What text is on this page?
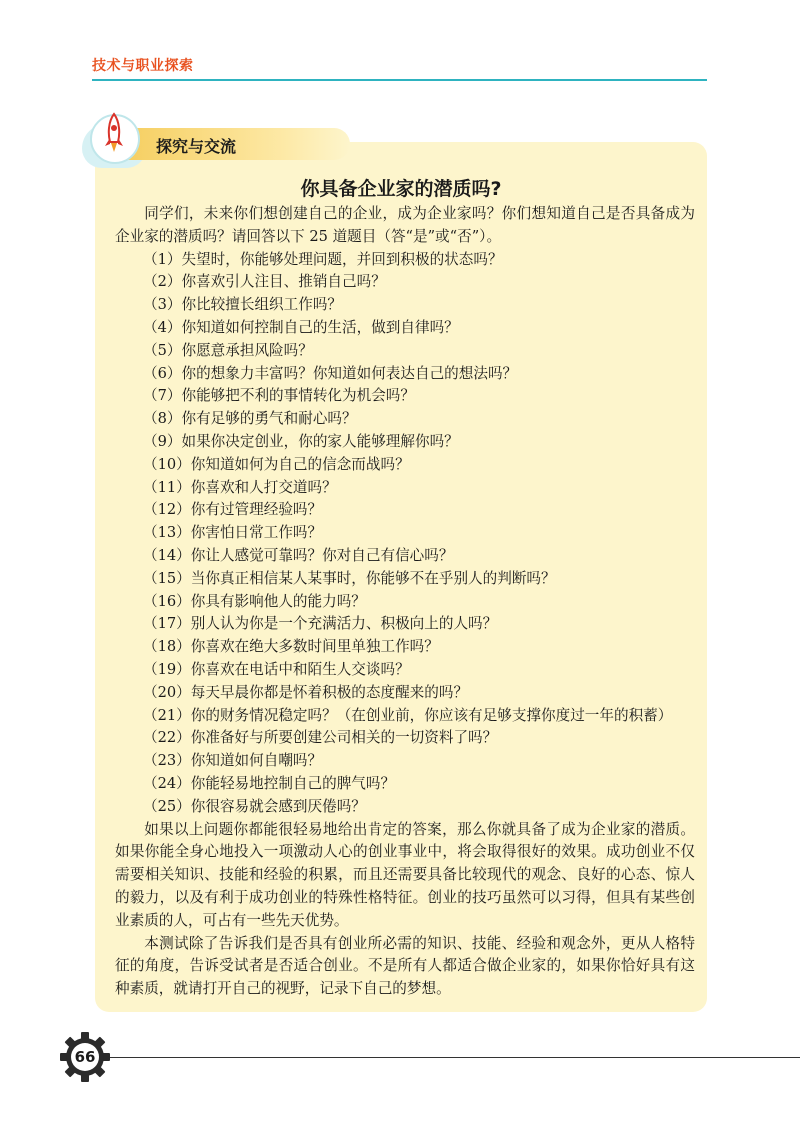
技术与职业探索
探究与交流
你具备企业家的潜质吗?

同学们，未来你们想创建自己的企业，成为企业家吗？你们想知道自己是否具备成为企业家的潜质吗？请回答以下 25 道题目（答“是”或“否”）。

（1）失望时，你能够处理问题，并回到积极的状态吗？
（2）你喜欢引人注目、推销自己吗？
（3）你比较擅长组织工作吗？
（4）你知道如何控制自己的生活，做到自律吗？
（5）你愿意承担风险吗？
（6）你的想象力丰富吗？你知道如何表达自己的想法吗？
（7）你能够把不利的事情转化为机会吗？
（8）你有足够的勇气和耐心吗？
（9）如果你决定创业，你的家人能够理解你吗？
（10）你知道如何为自己的信念而战吗？
（11）你喜欢和人打交道吗？
（12）你有过管理经验吗？
（13）你害怕日常工作吗？
（14）你让人感觉可靠吗？你对自己有信心吗？
（15）当你真正相信某人某事时，你能够不在乎别人的判断吗？
（16）你具有影响他人的能力吗？
（17）别人认为你是一个充满活力、积极向上的人吗？
（18）你喜欢在绝大多数时间里单独工作吗？
（19）你喜欢在电话中和陌生人交谈吗？
（20）每天早晨你都是怀着积极的态度醒来的吗？
（21）你的财务情况稳定吗？（在创业前，你应该有足够支撑你度过一年的积蓄）
（22）你准备好与所要创建公司相关的一切资料了吗？
（23）你知道如何自嘲吗？
（24）你能轻易地控制自己的脾气吗？
（25）你很容易就会感到厌倦吗？

如果以上问题你都能很轻易地给出肯定的答案，那么你就具备了成为企业家的潜质。如果你能全身心地投入一项激动人心的创业事业中，将会取得很好的效果。成功创业不仅需要相关知识、技能和经验的积累，而且还需要具备比较现代的观念、良好的心态、惊人的毅力，以及有利于成功创业的特殊性格特征。创业的技巧虽然可以习得，但具有某些创业素质的人，可占有一些先天优势。

本测试除了告诉我们是否具有创业所必需的知识、技能、经验和观念外，更从人格特征的角度，告诉受试者是否适合创业。不是所有人都适合做企业家的，如果你恰好具有这种素质，就请打开自己的视野，记录下自己的梦想。

66
